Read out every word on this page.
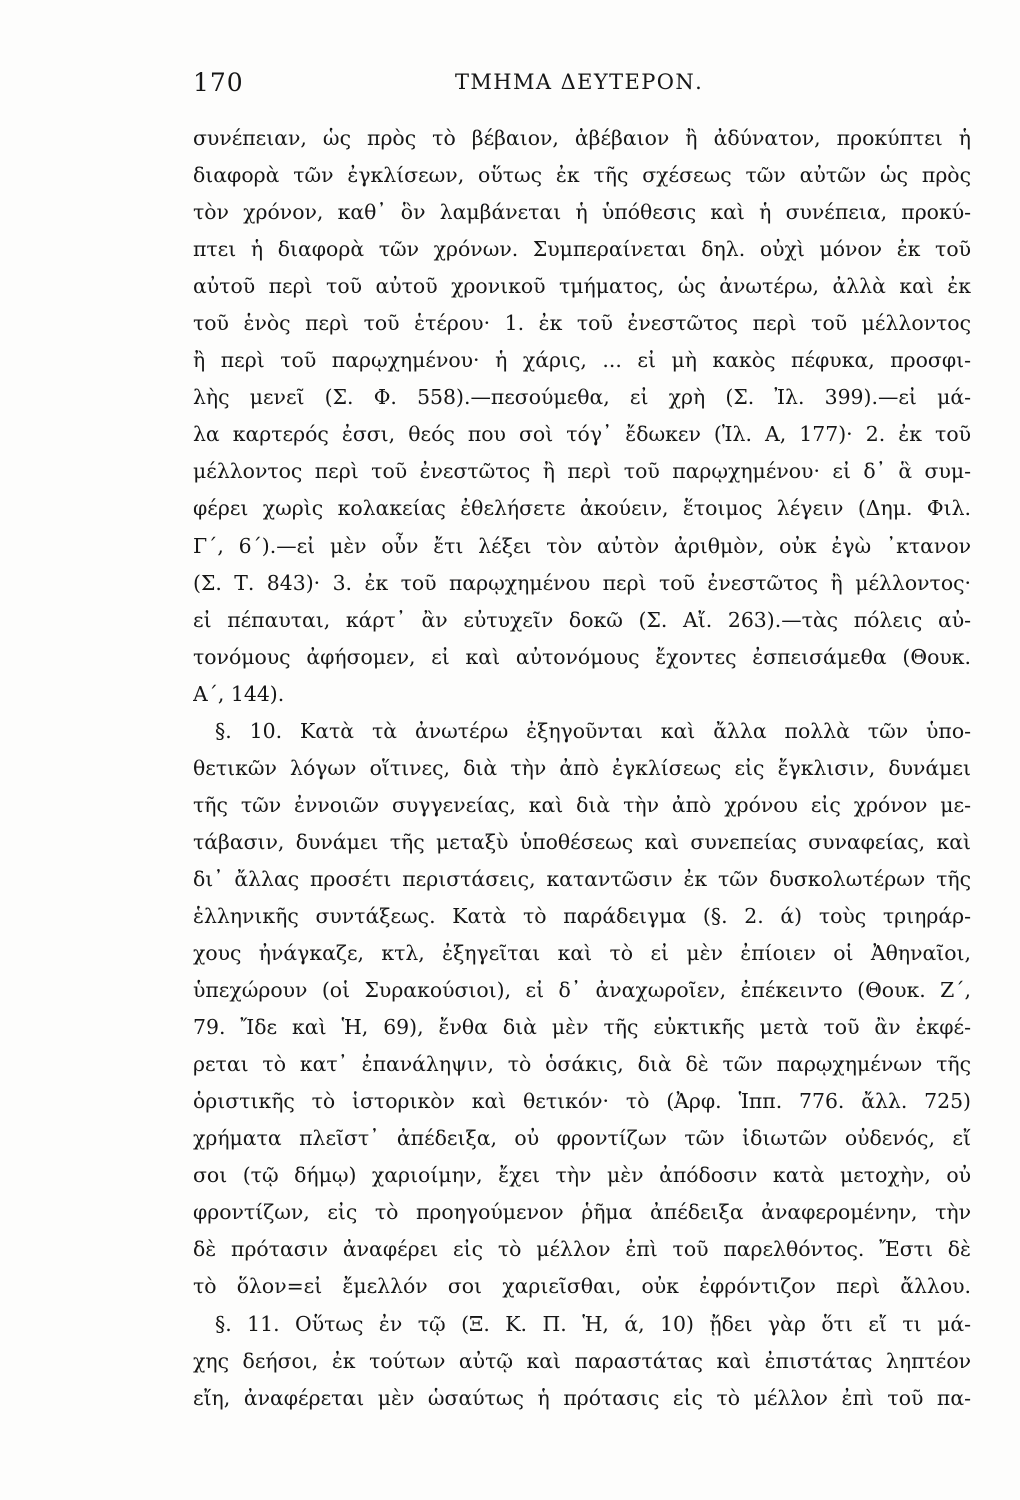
170	ΤΜΗΜΑ ΔΕΥΤΕΡΟΝ.
συνέπειαν, ὡς πρὸς τὸ βέβαιον, ἀβέβαιον ἢ ἀδύνατον, προκύπτει ἡ
διαφορὰ τῶν ἐγκλίσεων, οὕτως ἐκ τῆς σχέσεως τῶν αὐτῶν ὡς πρὸς
τὸν χρόνον, καθ᾽ ὃν λαμβάνεται ἡ ὑπόθεσις καὶ ἡ συνέπεια, προκύ-
πτει ἡ διαφορὰ τῶν χρόνων. Συμπεραίνεται δηλ. οὐχὶ μόνον ἐκ τοῦ
αὐτοῦ περὶ τοῦ αὐτοῦ χρονικοῦ τμήματος, ὡς ἀνωτέρω, ἀλλὰ καὶ ἐκ
τοῦ ἑνὸς περὶ τοῦ ἑτέρου· 1. ἐκ τοῦ ἐνεστῶτος περὶ τοῦ μέλλοντος
ἢ περὶ τοῦ παρῳχημένου· ἡ χάρις, ... εἰ μὴ κακὸς πέφυκα, προσφι-
λὴς μενεῖ (Σ. Φ. 558).—πεσούμεθα, εἰ χρὴ (Σ. Ἰλ. 399).—εἰ μά-
λα καρτερός ἐσσι, θεός που σοὶ τόγ᾽ ἔδωκεν (Ἰλ. Α, 177)· 2. ἐκ τοῦ
μέλλοντος περὶ τοῦ ἐνεστῶτος ἢ περὶ τοῦ παρῳχημένου· εἰ δ᾽ ἃ συμ-
φέρει χωρὶς κολακείας ἐθελήσετε ἀκούειν, ἕτοιμος λέγειν (Δημ. Φιλ.
Γ΄, 6΄).—εἰ μὲν οὖν ἔτι λέξει τὸν αὐτὸν ἀριθμὸν, οὐκ ἐγὼ ᾽κτανον
(Σ. Τ. 843)· 3. ἐκ τοῦ παρῳχημένου περὶ τοῦ ἐνεστῶτος ἢ μέλλοντος·
εἰ πέπαυται, κάρτ᾽ ἂν εὐτυχεῖν δοκῶ (Σ. Αἴ. 263).—τὰς πόλεις αὐ-
τονόμους ἀφήσομεν, εἰ καὶ αὐτονόμους ἔχοντες ἐσπεισάμεθα (Θουκ.
Α΄, 144).
§. 10. Κατὰ τὰ ἀνωτέρω ἐξηγοῦνται καὶ ἄλλα πολλὰ τῶν ὑπο-
θετικῶν λόγων οἵτινες, διὰ τὴν ἀπὸ ἐγκλίσεως εἰς ἔγκλισιν, δυνάμει
τῆς τῶν ἐννοιῶν συγγενείας, καὶ διὰ τὴν ἀπὸ χρόνου εἰς χρόνον με-
τάβασιν, δυνάμει τῆς μεταξὺ ὑποθέσεως καὶ συνεπείας συναφείας, καὶ
δι᾽ ἄλλας προσέτι περιστάσεις, καταντῶσιν ἐκ τῶν δυσκολωτέρων τῆς
ἑλληνικῆς συντάξεως. Κατὰ τὸ παράδειγμα (§. 2. ά) τοὺς τριηράρ-
χους ἠνάγκαζε, κτλ, ἐξηγεῖται καὶ τὸ εἰ μὲν ἐπίοιεν οἱ Ἀθηναῖοι,
ὑπεχώρουν (οἱ Συρακούσιοι), εἰ δ᾽ ἀναχωροῖεν, ἐπέκειντο (Θουκ. Ζ΄,
79. Ἴδε καὶ Ἡ, 69), ἔνθα διὰ μὲν τῆς εὐκτικῆς μετὰ τοῦ ἂν ἐκφέ-
ρεται τὸ κατ᾽ ἐπανάληψιν, τὸ ὁσάκις, διὰ δὲ τῶν παρῳχημένων τῆς
ὁριστικῆς τὸ ἱστορικὸν καὶ θετικόν· τὸ (Ἀρφ. Ἱππ. 776. ἄλλ. 725)
χρήματα πλεῖστ᾽ ἀπέδειξα, οὐ φροντίζων τῶν ἰδιωτῶν οὐδενός, εἴ
σοι (τῷ δήμῳ) χαριοίμην, ἔχει τὴν μὲν ἀπόδοσιν κατὰ μετοχὴν, οὐ
φροντίζων, εἰς τὸ προηγούμενον ῥῆμα ἀπέδειξα ἀναφερομένην, τὴν
δὲ πρότασιν ἀναφέρει εἰς τὸ μέλλον ἐπὶ τοῦ παρελθόντος. Ἔστι δὲ
τὸ ὅλον=εἰ ἔμελλόν σοι χαριεῖσθαι, οὐκ ἐφρόντιζον περὶ ἄλλου.
§. 11. Οὕτως ἐν τῷ (Ξ. Κ. Π. Ἡ, ά, 10) ᾔδει γὰρ ὅτι εἴ τι μά-
χης δεήσοι, ἐκ τούτων αὐτῷ καὶ παραστάτας καὶ ἐπιστάτας ληπτέον
εἴη, ἀναφέρεται μὲν ὡσαύτως ἡ πρότασις εἰς τὸ μέλλον ἐπὶ τοῦ πα-
